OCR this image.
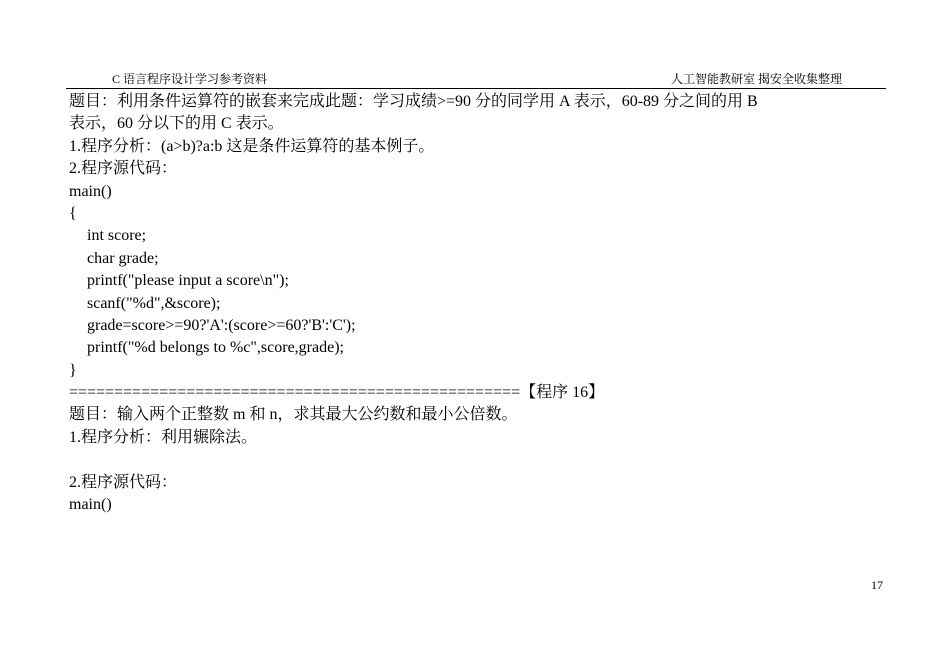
C 语言程序设计学习参考资料	人工智能教研室 揭安全收集整理
题目：利用条件运算符的嵌套来完成此题：学习成绩>=90 分的同学用 A 表示，60-89 分之间的用 B
表示，60 分以下的用 C 表示。
1.程序分析：(a>b)?a:b 这是条件运算符的基本例子。
2.程序源代码：
main()
{
int score;
char grade;
printf("please input a score\n");
scanf("%d",&score);
grade=score>=90?'A':(score>=60?'B':'C');
printf("%d belongs to %c",score,grade);
}
==================================================【程序 16】
题目：输入两个正整数 m 和 n，求其最大公约数和最小公倍数。
1.程序分析：利用辗除法。
2.程序源代码：
main()
17
